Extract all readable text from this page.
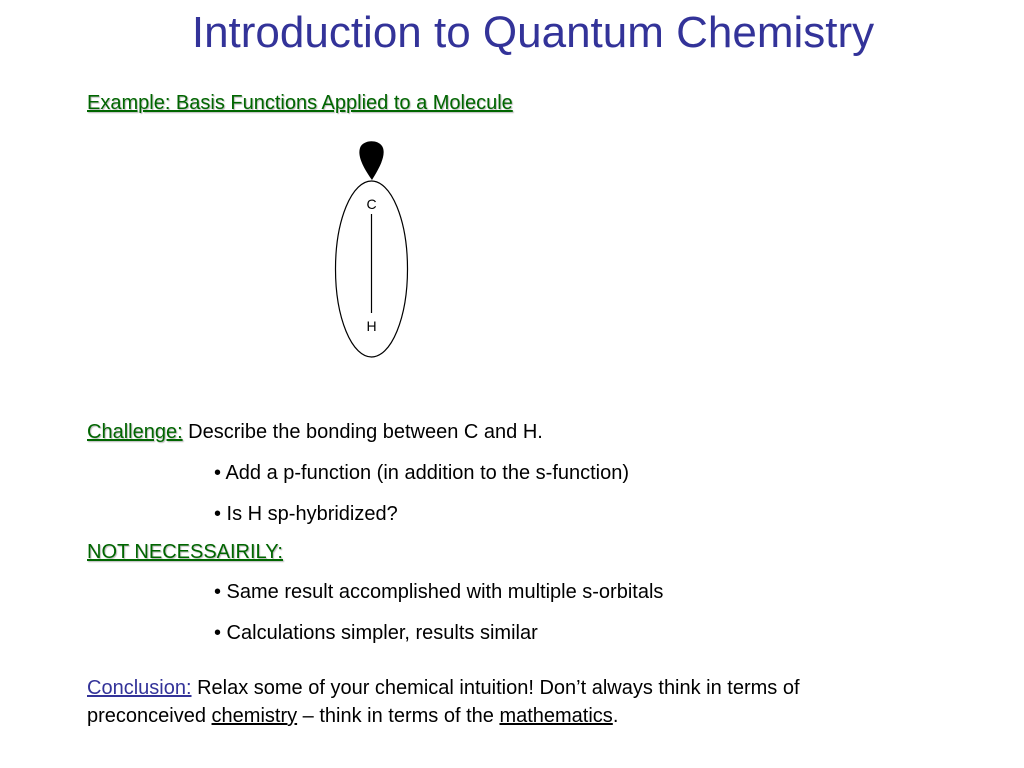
Introduction to Quantum Chemistry
Example: Basis Functions Applied to a Molecule
C
H
Challenge: Describe the bonding between C and H.
• Add a p-function (in addition to the s-function)
• Is H sp-hybridized?
NOT NECESSAIRILY:
• Same result accomplished with multiple s-orbitals
• Calculations simpler, results similar
Conclusion: Relax some of your chemical intuition! Don’t always think in terms of
preconceived chemistry – think in terms of the mathematics.
